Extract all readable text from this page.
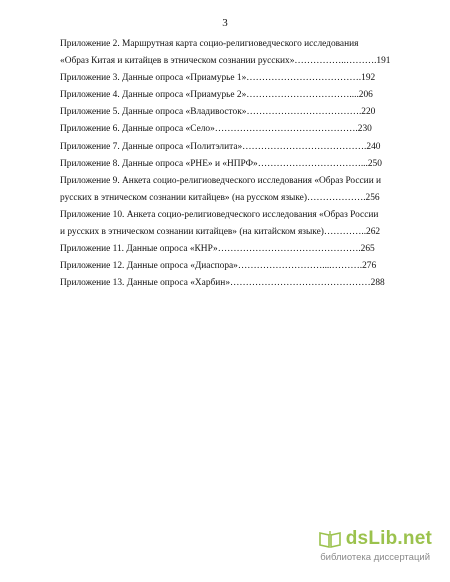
3
Приложение 2. Маршрутная карта социо-религиоведческого исследования
«Образ Китая и китайцев в этническом сознании русских»……………..……….191
Приложение 3. Данные опроса «Приамурье 1»……………………………….192
Приложение 4. Данные опроса «Приамурье 2»……………………………....206
Приложение 5. Данные опроса «Владивосток»……………………………….220
Приложение 6. Данные опроса «Село»……………………………………….230
Приложение 7. Данные опроса «Политэлита»………………………………….240
Приложение 8. Данные опроса «РНЕ» и «НПРФ»……………………………...250
Приложение 9. Анкета социо-религиоведческого исследования «Образ России и
русских в этническом сознании китайцев» (на русском языке)……………….256
Приложение 10. Анкета социо-религиоведческого исследования «Образ России
и русских в этническом сознании китайцев» (на китайском языке)…………..262
Приложение 11. Данные опроса «КНР»……………………………………….265
Приложение 12. Данные опроса «Диаспора»………………………....……….276
Приложение 13. Данные опроса «Харбин»………………………………………288
dsLib.net
библиотека диссертаций
